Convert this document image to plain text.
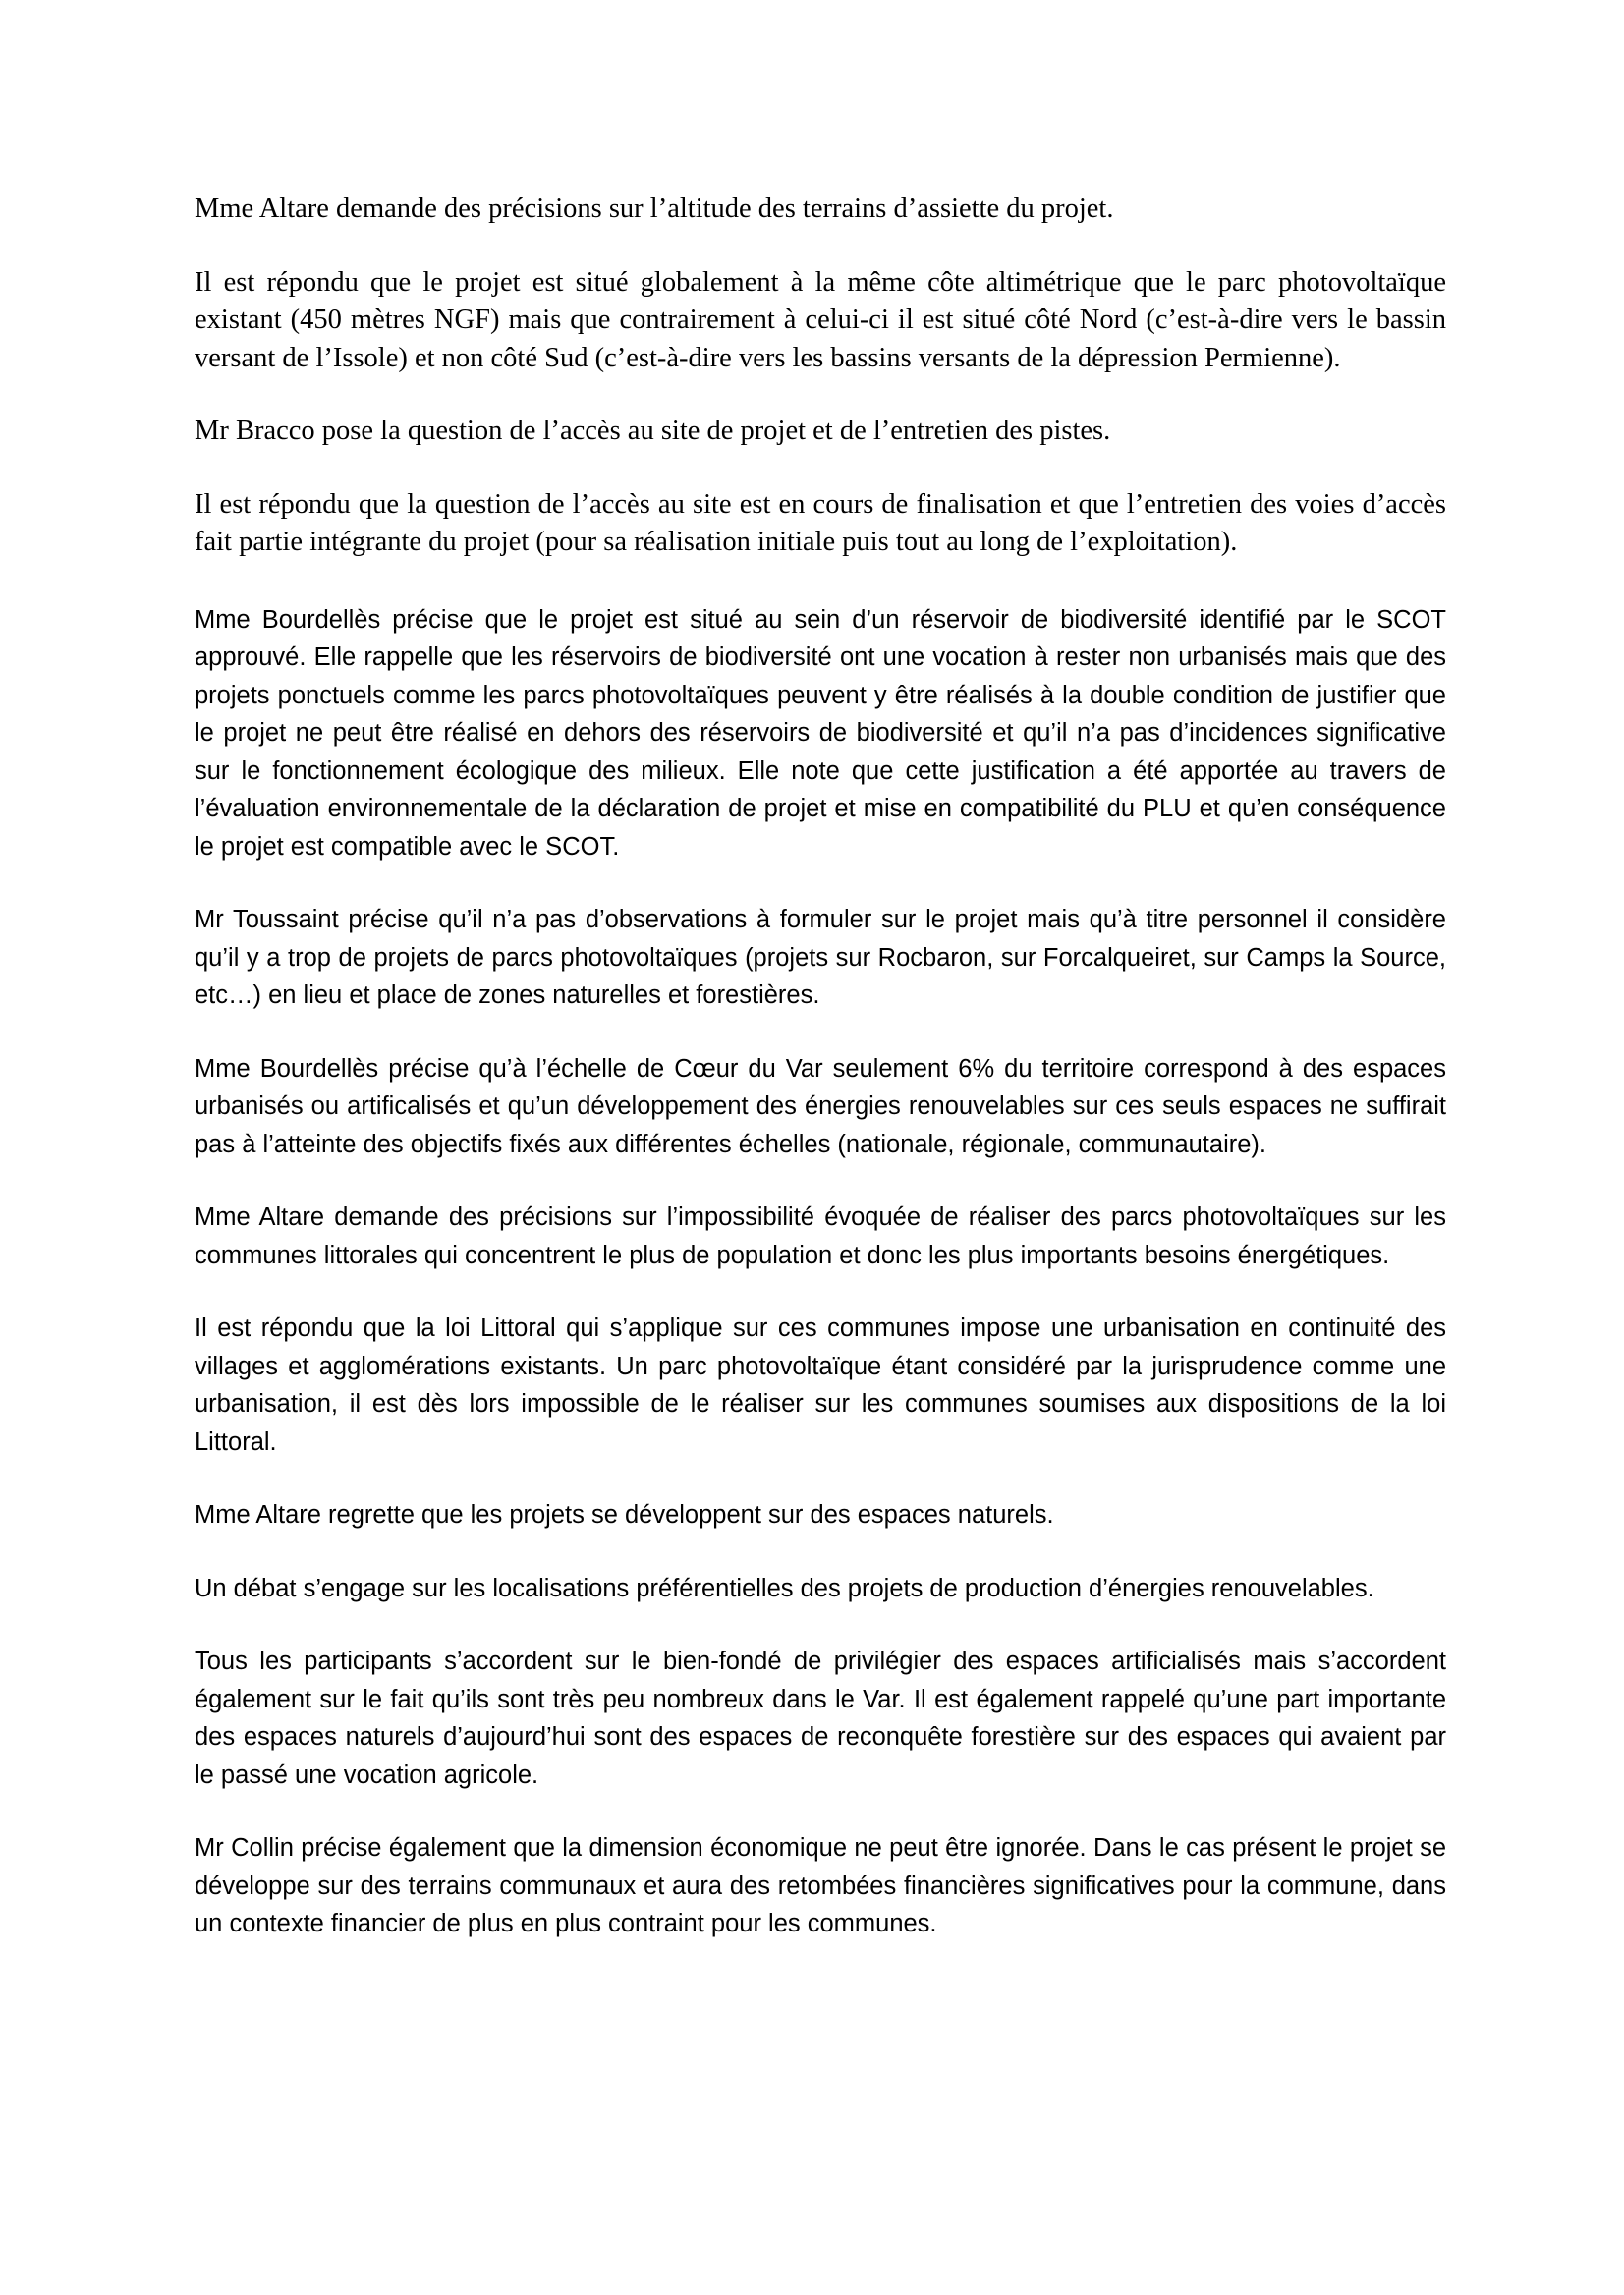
Mme Altare demande des précisions sur l’altitude des terrains d’assiette du projet.

Il est répondu que le projet est situé globalement à la même côte altimétrique que le parc photovoltaïque existant (450 mètres NGF) mais que contrairement à celui-ci il est situé côté Nord (c’est-à-dire vers le bassin versant de l’Issole) et non côté Sud (c’est-à-dire vers les bassins versants de la dépression Permienne).

Mr Bracco pose la question de l’accès au site de projet et de l’entretien des pistes.

Il est répondu que la question de l’accès au site est en cours de finalisation et que l’entretien des voies d’accès fait partie intégrante du projet (pour sa réalisation initiale puis tout au long de l’exploitation).

Mme Bourdellès précise que le projet est situé au sein d’un réservoir de biodiversité identifié par le SCOT approuvé. Elle rappelle que les réservoirs de biodiversité ont une vocation à rester non urbanisés mais que des projets ponctuels comme les parcs photovoltaïques peuvent y être réalisés à la double condition de justifier que le projet ne peut être réalisé en dehors des réservoirs de biodiversité et qu’il n’a pas d’incidences significative sur le fonctionnement écologique des milieux. Elle note que cette justification a été apportée au travers de l’évaluation environnementale de la déclaration de projet et mise en compatibilité du PLU et qu’en conséquence le projet est compatible avec le SCOT.

Mr Toussaint précise qu’il n’a pas d’observations à formuler sur le projet mais qu’à titre personnel il considère qu’il y a trop de projets de parcs photovoltaïques (projets sur Rocbaron, sur Forcalqueiret, sur Camps la Source, etc…) en lieu et place de zones naturelles et forestières.

Mme Bourdellès précise qu’à l’échelle de Cœur du Var seulement 6% du territoire correspond à des espaces urbanisés ou artificalisés et qu’un développement des énergies renouvelables sur ces seuls espaces ne suffirait pas à l’atteinte des objectifs fixés aux différentes échelles (nationale, régionale, communautaire).

Mme Altare demande des précisions sur l’impossibilité évoquée de réaliser des parcs photovoltaïques sur les communes littorales qui concentrent le plus de population et donc les plus importants besoins énergétiques.

Il est répondu que la loi Littoral qui s’applique sur ces communes impose une urbanisation en continuité des villages et agglomérations existants. Un parc photovoltaïque étant considéré par la jurisprudence comme une urbanisation, il est dès lors impossible de le réaliser sur les communes soumises aux dispositions de la loi Littoral.

Mme Altare regrette que les projets se développent sur des espaces naturels.

Un débat s’engage sur les localisations préférentielles des projets de production d’énergies renouvelables.

Tous les participants s’accordent sur le bien-fondé de privilégier des espaces artificialisés mais s’accordent également sur le fait qu’ils sont très peu nombreux dans le Var. Il est également rappelé qu’une part importante des espaces naturels d’aujourd’hui sont des espaces de reconquête forestière sur des espaces qui avaient par le passé une vocation agricole.

Mr Collin précise également que la dimension économique ne peut être ignorée. Dans le cas présent le projet se développe sur des terrains communaux et aura des retombées financières significatives pour la commune, dans un contexte financier de plus en plus contraint pour les communes.
